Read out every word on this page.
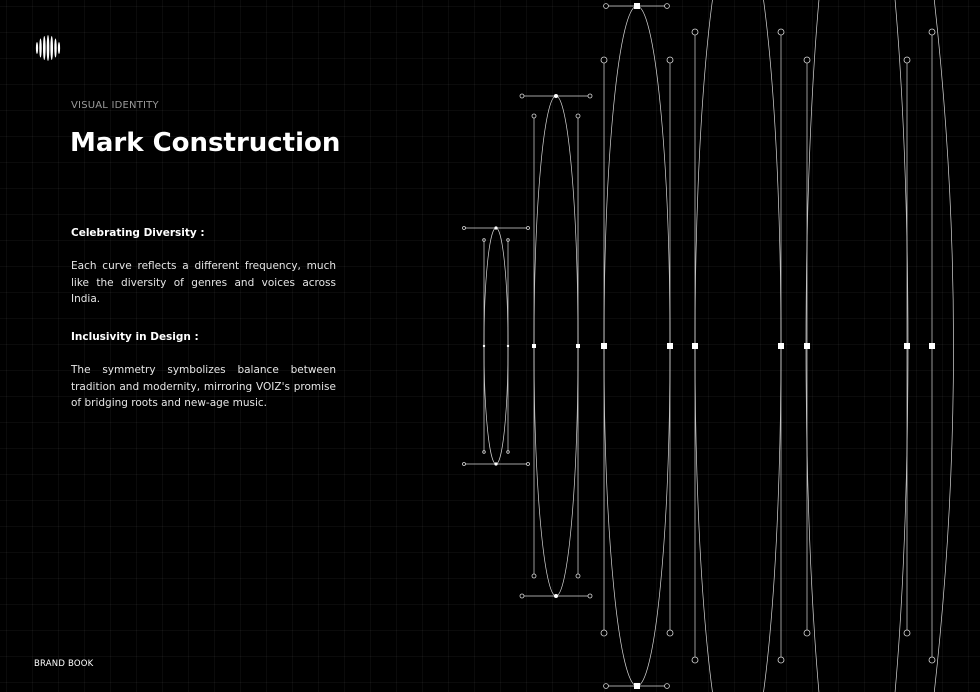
VISUAL IDENTITY
Mark Construction
Celebrating Diversity :
Each curve reflects a different frequency, much like the diversity of genres and voices across India.
Inclusivity in Design :
The symmetry symbolizes balance between tradition and modernity, mirroring VOIZ's promise of bridging roots and new-age music.
BRAND BOOK
